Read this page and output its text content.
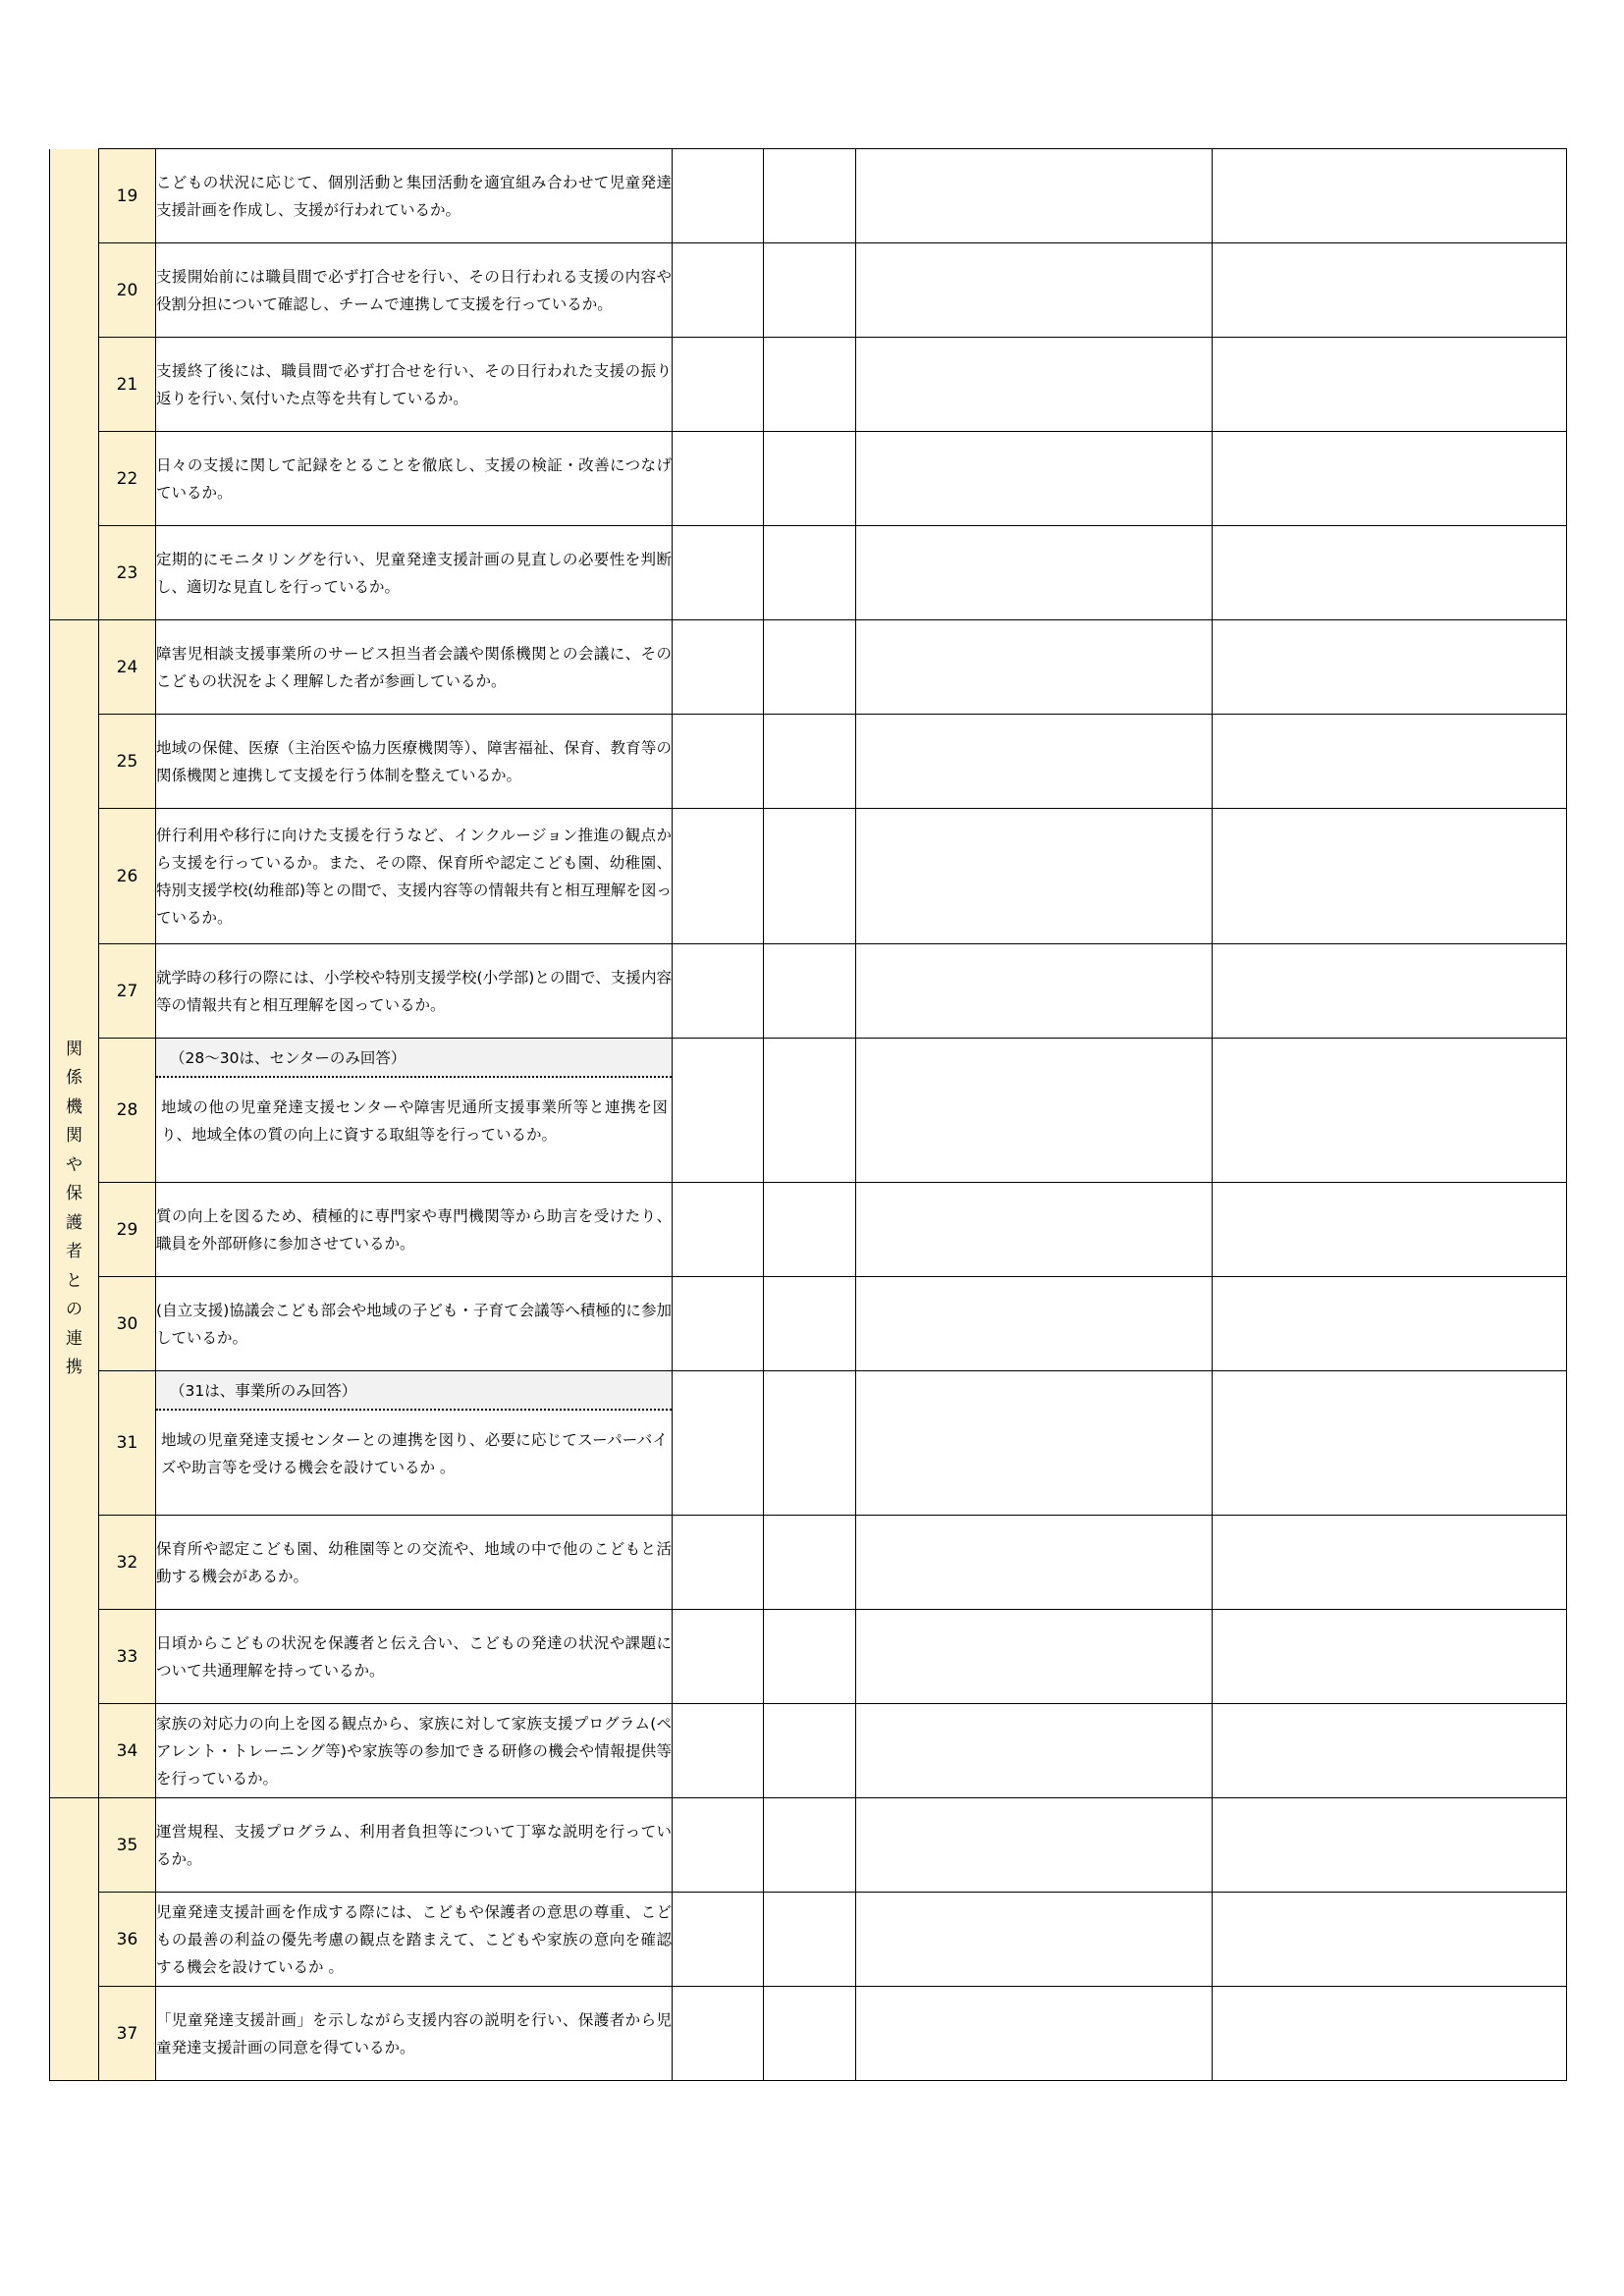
	19	こどもの状況に応じて、個別活動と集団活動を適宜組み合わせて児童発達支援計画を作成し、支援が行われているか。				

	20	支援開始前には職員間で必ず打合せを行い、その日行われる支援の内容や役割分担について確認し、チームで連携して支援を行っているか。				

	21	支援終了後には、職員間で必ず打合せを行い、その日行われた支援の振り返りを行い､気付いた点等を共有しているか。				

	22	日々の支援に関して記録をとることを徹底し、支援の検証・改善につなげているか。				

	23	定期的にモニタリングを行い、児童発達支援計画の見直しの必要性を判断し、適切な見直しを行っているか。				

関係機関や保護者との連携	24	障害児相談支援事業所のサービス担当者会議や関係機関との会議に、そのこどもの状況をよく理解した者が参画しているか。				

	25	地域の保健、医療（主治医や協力医療機関等）、障害福祉、保育、教育等の関係機関と連携して支援を行う体制を整えているか。				

	26	併行利用や移行に向けた支援を行うなど、インクルージョン推進の観点から支援を行っているか。また、その際、保育所や認定こども園、幼稚園、特別支援学校(幼稚部)等との間で、支援内容等の情報共有と相互理解を図っているか。				

	27	就学時の移行の際には、小学校や特別支援学校(小学部)との間で、支援内容等の情報共有と相互理解を図っているか。				

	28	（28～30は、センターのみ回答）
地域の他の児童発達支援センターや障害児通所支援事業所等と連携を図り、地域全体の質の向上に資する取組等を行っているか。				

	29	質の向上を図るため、積極的に専門家や専門機関等から助言を受けたり、職員を外部研修に参加させているか。				

	30	(自立支援)協議会こども部会や地域の子ども・子育て会議等へ積極的に参加しているか。				

	31	（31は、事業所のみ回答）
地域の児童発達支援センターとの連携を図り、必要に応じてスーパーバイズや助言等を受ける機会を設けているか 。				

	32	保育所や認定こども園、幼稚園等との交流や、地域の中で他のこどもと活動する機会があるか。				

	33	日頃からこどもの状況を保護者と伝え合い、こどもの発達の状況や課題について共通理解を持っているか。				

	34	家族の対応力の向上を図る観点から、家族に対して家族支援プログラム(ペアレント・トレーニング等)や家族等の参加できる研修の機会や情報提供等を行っているか。				

	35	運営規程、支援プログラム、利用者負担等について丁寧な説明を行っているか。				

	36	児童発達支援計画を作成する際には、こどもや保護者の意思の尊重、こどもの最善の利益の優先考慮の観点を踏まえて、こどもや家族の意向を確認する機会を設けているか 。				

	37	「児童発達支援計画」を示しながら支援内容の説明を行い、保護者から児童発達支援計画の同意を得ているか。				
